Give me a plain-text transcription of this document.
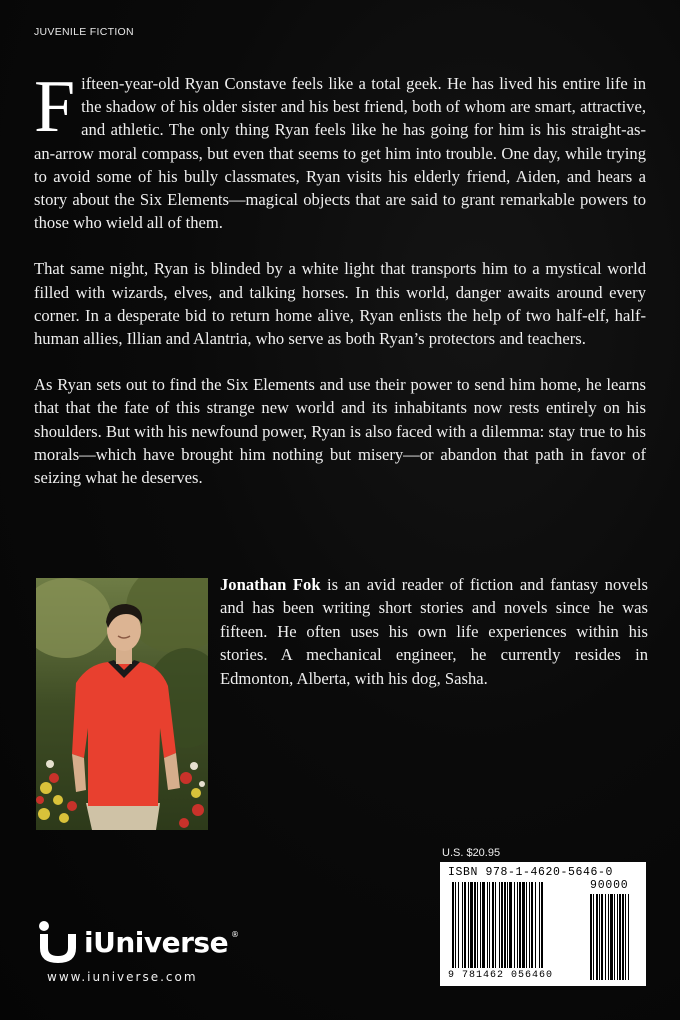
JUVENILE FICTION

Fifteen-year-old Ryan Constave feels like a total geek. He has lived his entire life in the shadow of his older sister and his best friend, both of whom are smart, attractive, and athletic. The only thing Ryan feels like he has going for him is his straight-as-an-arrow moral compass, but even that seems to get him into trouble. One day, while trying to avoid some of his bully classmates, Ryan visits his elderly friend, Aiden, and hears a story about the Six Elements—magical objects that are said to grant remarkable powers to those who wield all of them.

That same night, Ryan is blinded by a white light that transports him to a mystical world filled with wizards, elves, and talking horses. In this world, danger awaits around every corner. In a desperate bid to return home alive, Ryan enlists the help of two half-elf, half-human allies, Illian and Alantria, who serve as both Ryan’s protectors and teachers.

As Ryan sets out to find the Six Elements and use their power to send him home, he learns that that the fate of this strange new world and its inhabitants now rests entirely on his shoulders. But with his newfound power, Ryan is also faced with a dilemma: stay true to his morals—which have brought him nothing but misery—or abandon that path in favor of seizing what he deserves.

Jonathan Fok is an avid reader of fiction and fantasy novels and has been writing short stories and novels since he was fifteen. He often uses his own life experiences within his stories. A mechanical engineer, he currently resides in Edmonton, Alberta, with his dog, Sasha.

U.S. $20.95
ISBN 978-1-4620-5646-0
90000
9 781462 056460
iUniverse ®
www.iuniverse.com
